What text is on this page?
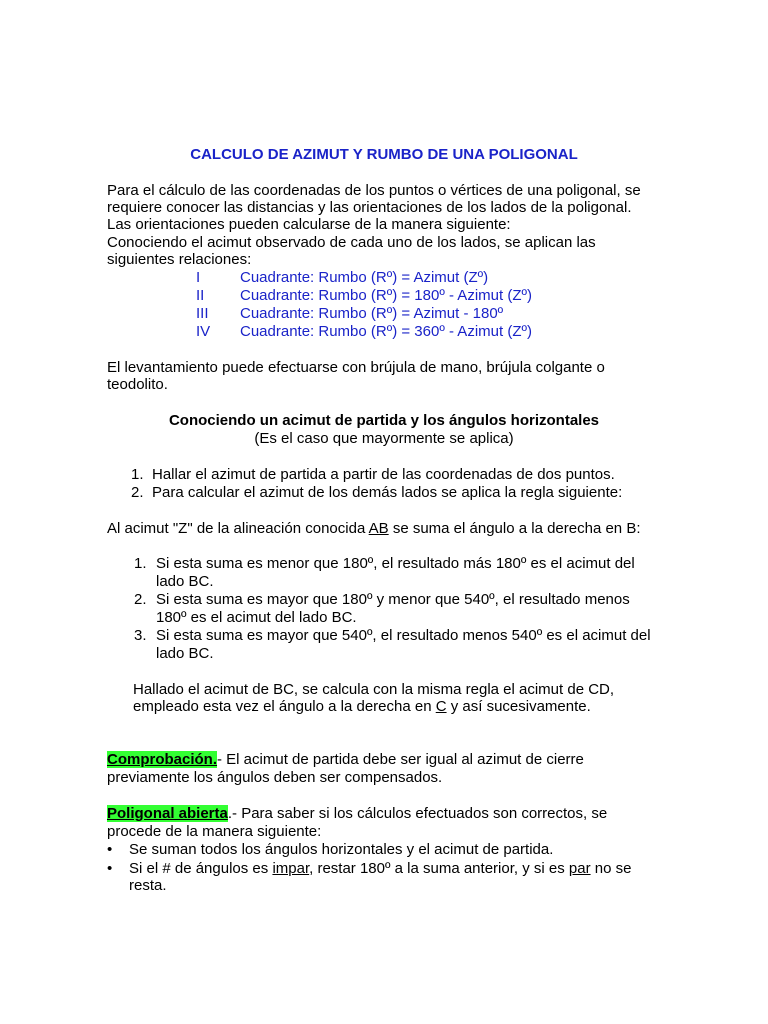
CALCULO DE AZIMUT Y RUMBO DE UNA POLIGONAL
Para el cálculo de las coordenadas de los puntos o vértices de una poligonal, se
requiere conocer las distancias y las orientaciones de los lados de la poligonal.
Las orientaciones pueden calcularse de la manera siguiente:
Conociendo el acimut observado de cada uno de los lados, se aplican las
siguientes relaciones:
I	Cuadrante: Rumbo (Rº) = Azimut (Zº)
II Cuadrante: Rumbo (Rº) = 180º - Azimut (Zº)
III Cuadrante: Rumbo (Rº) = Azimut - 180º
IV Cuadrante: Rumbo (Rº) = 360º - Azimut (Zº)
El levantamiento puede efectuarse con brújula de mano, brújula colgante o
teodolito.
Conociendo un acimut de partida y los ángulos horizontales
(Es el caso que mayormente se aplica)
1. Hallar el azimut de partida a partir de las coordenadas de dos puntos.
2. Para calcular el azimut de los demás lados se aplica la regla siguiente:
Al acimut "Z" de la alineación conocida AB se suma el ángulo a la derecha en B:
1. Si esta suma es menor que 180º, el resultado más 180º es el acimut del
lado BC.
2. Si esta suma es mayor que 180º y menor que 540º, el resultado menos
180º es el acimut del lado BC.
3. Si esta suma es mayor que 540º, el resultado menos 540º es el acimut del
lado BC.
Hallado el acimut de BC, se calcula con la misma regla el acimut de CD,
empleado esta vez el ángulo a la derecha en C y así sucesivamente.
Comprobación.- El acimut de partida debe ser igual al azimut de cierre
previamente los ángulos deben ser compensados.
Poligonal abierta.- Para saber si los cálculos efectuados son correctos, se
procede de la manera siguiente:
• Se suman todos los ángulos horizontales y el acimut de partida.
• Si el # de ángulos es impar, restar 180º a la suma anterior, y si es par no se
resta.
